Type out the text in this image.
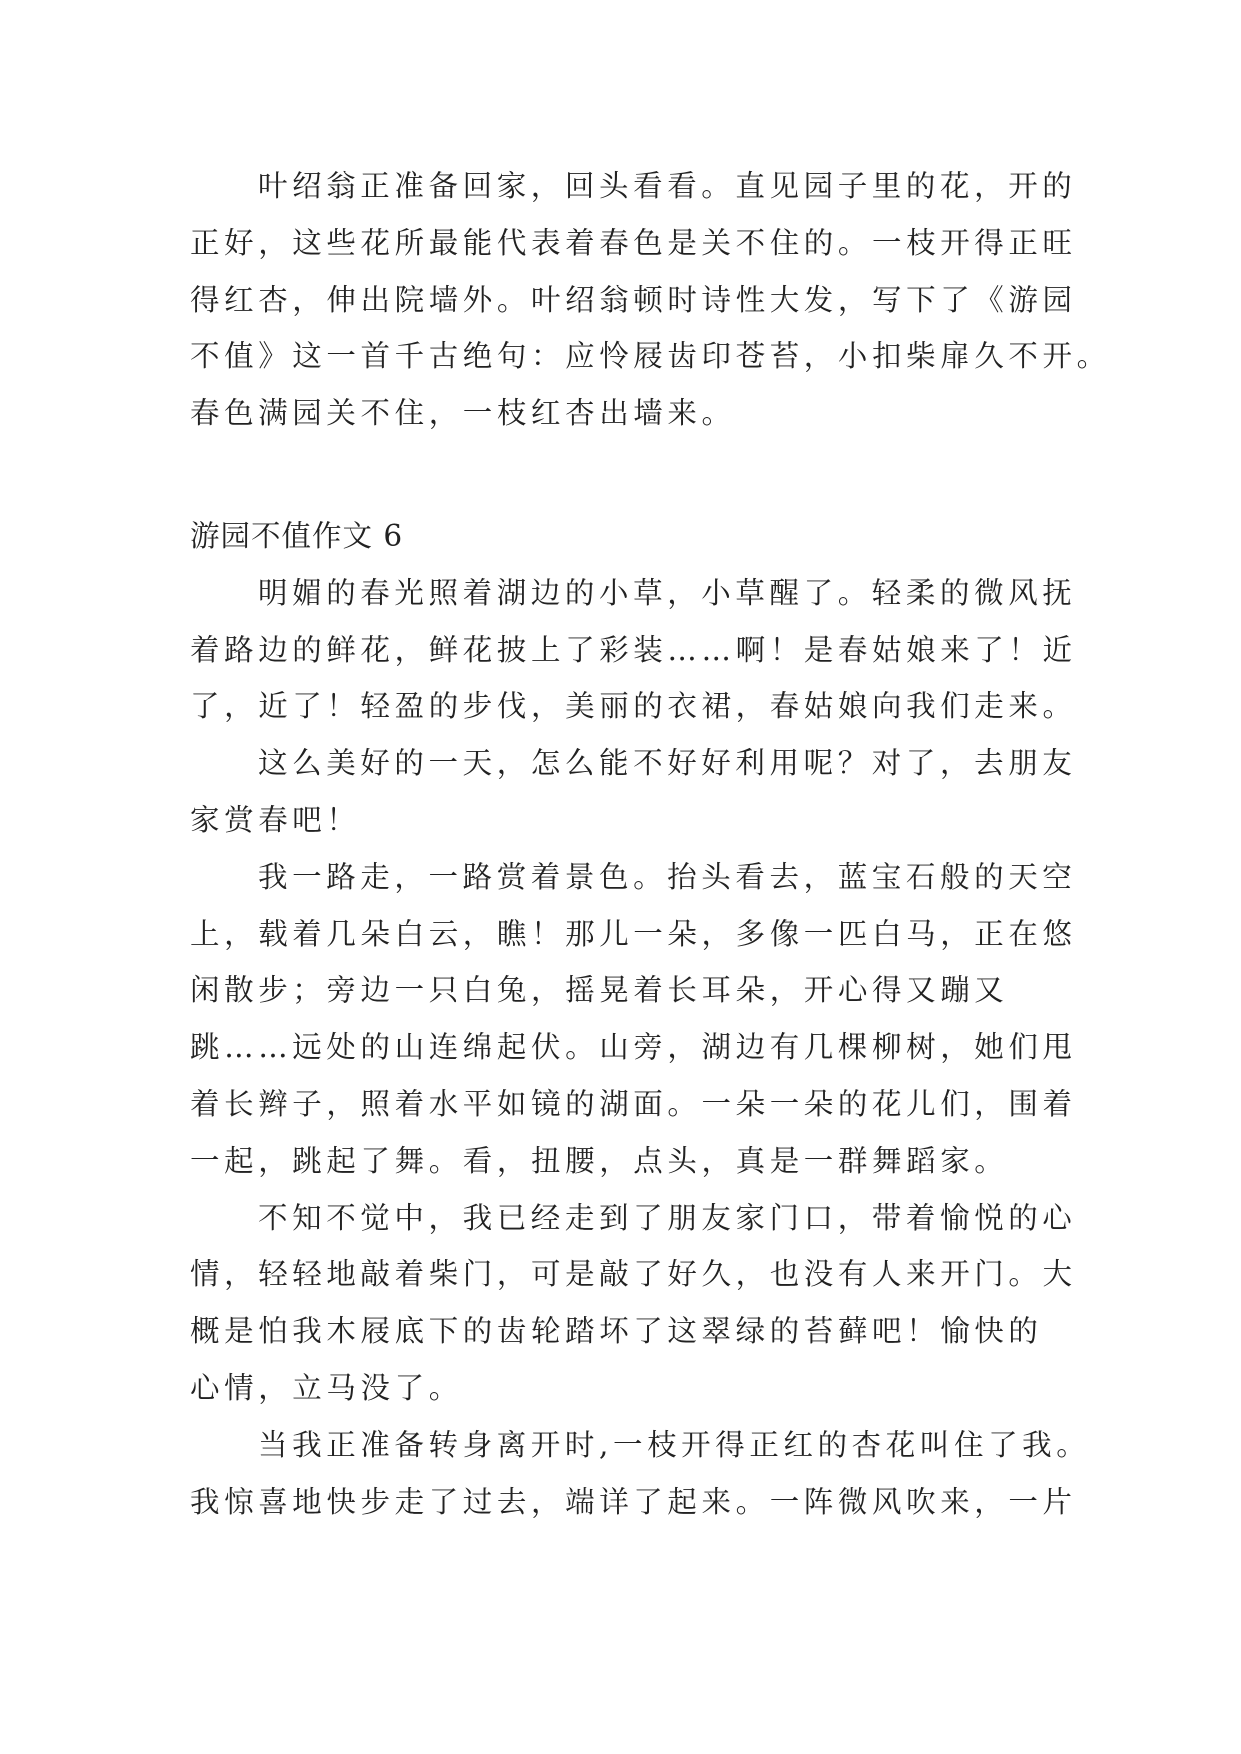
叶绍翁正准备回家，回头看看。直见园子里的花，开的
正好，这些花所最能代表着春色是关不住的。一枝开得正旺
得红杏，伸出院墙外。叶绍翁顿时诗性大发，写下了《游园
不值》这一首千古绝句：应怜屐齿印苍苔，小扣柴扉久不开。
春色满园关不住，一枝红杏出墙来。

游园不值作文 6

明媚的春光照着湖边的小草，小草醒了。轻柔的微风抚
着路边的鲜花，鲜花披上了彩装……啊！是春姑娘来了！近
了，近了！轻盈的步伐，美丽的衣裙，春姑娘向我们走来。

这么美好的一天，怎么能不好好利用呢？对了，去朋友
家赏春吧！

我一路走，一路赏着景色。抬头看去，蓝宝石般的天空
上，载着几朵白云，瞧！那儿一朵，多像一匹白马，正在悠
闲散步；旁边一只白兔，摇晃着长耳朵，开心得又蹦又
跳……远处的山连绵起伏。山旁，湖边有几棵柳树，她们甩
着长辫子，照着水平如镜的湖面。一朵一朵的花儿们，围着
一起，跳起了舞。看，扭腰，点头，真是一群舞蹈家。

不知不觉中，我已经走到了朋友家门口，带着愉悦的心
情，轻轻地敲着柴门，可是敲了好久，也没有人来开门。大
概是怕我木屐底下的齿轮踏坏了这翠绿的苔藓吧！愉快的
心情，立马没了。

当我正准备转身离开时,一枝开得正红的杏花叫住了我。
我惊喜地快步走了过去，端详了起来。一阵微风吹来，一片
